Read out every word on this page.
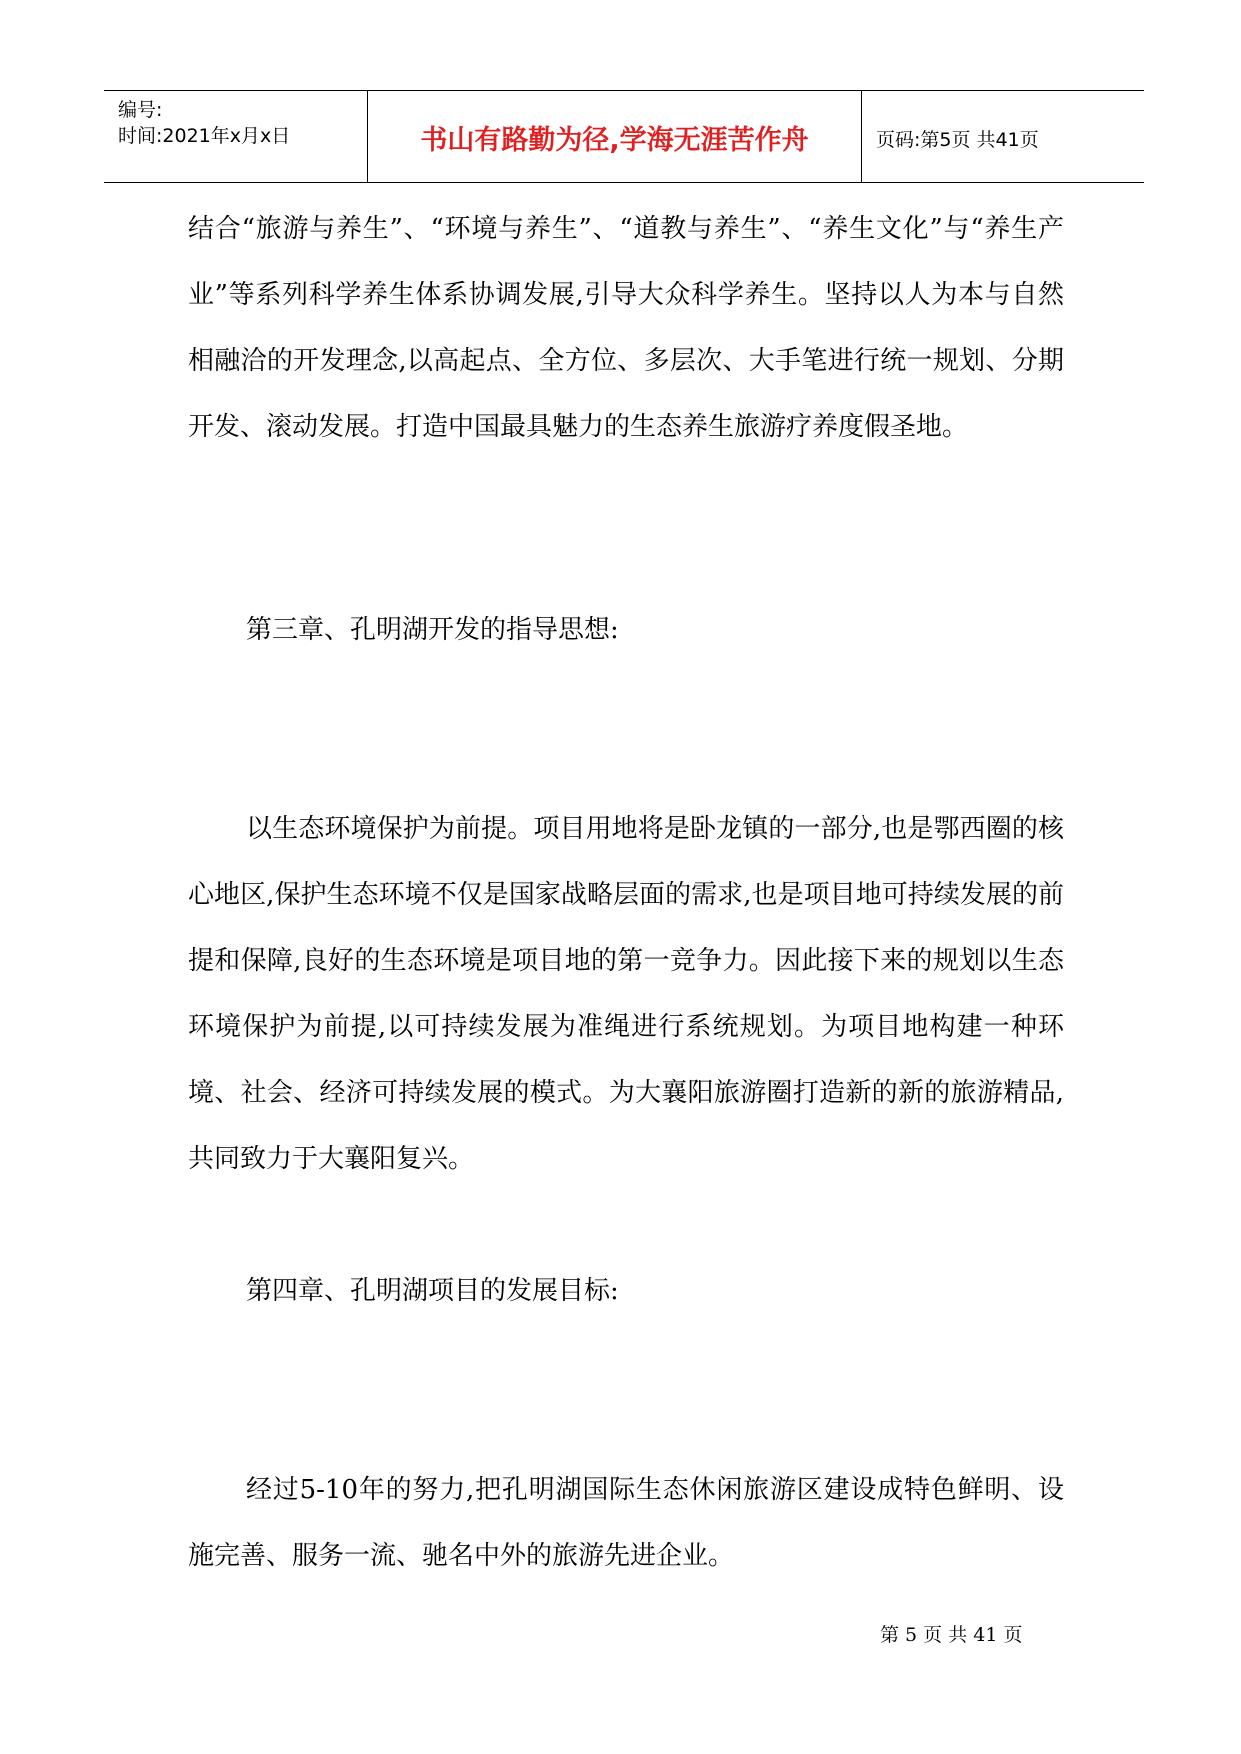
编号:
时间:2021年x月x日	书山有路勤为径,学海无涯苦作舟	页码:第5页 共41页

结合“旅游与养生”、“环境与养生”、“道教与养生”、“养生文化”与“养生产业”等系列科学养生体系协调发展,引导大众科学养生。坚持以人为本与自然相融洽的开发理念,以高起点、全方位、多层次、大手笔进行统一规划、分期开发、滚动发展。打造中国最具魅力的生态养生旅游疗养度假圣地。

第三章、孔明湖开发的指导思想:

以生态环境保护为前提。项目用地将是卧龙镇的一部分,也是鄂西圈的核心地区,保护生态环境不仅是国家战略层面的需求,也是项目地可持续发展的前提和保障,良好的生态环境是项目地的第一竞争力。因此接下来的规划以生态环境保护为前提,以可持续发展为准绳进行系统规划。为项目地构建一种环境、社会、经济可持续发展的模式。为大襄阳旅游圈打造新的新的旅游精品,共同致力于大襄阳复兴。

第四章、孔明湖项目的发展目标:

经过5-10年的努力,把孔明湖国际生态休闲旅游区建设成特色鲜明、设施完善、服务一流、驰名中外的旅游先进企业。

第 5 页 共 41 页
